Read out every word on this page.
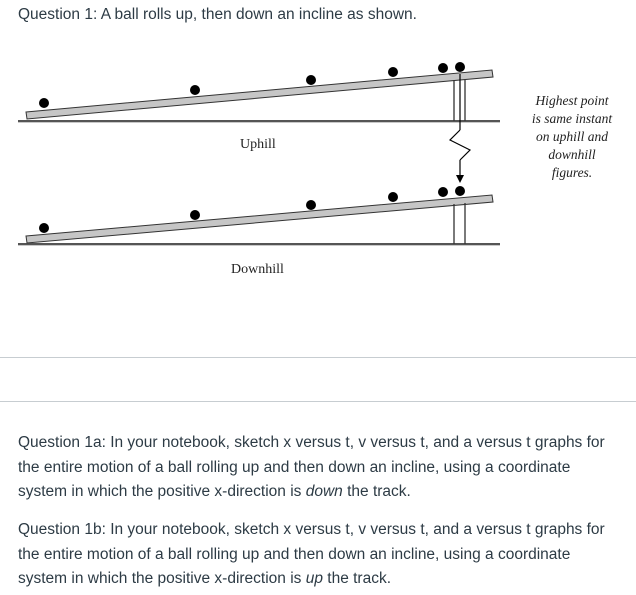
Question 1: A ball rolls up, then down an incline as shown.
Uphill
Downhill
Highest point
is same instant
on uphill and
downhill
figures.

Question 1a: In your notebook, sketch x versus t, v versus t, and a versus t graphs for the entire motion of a ball rolling up and then down an incline, using a coordinate system in which the positive x-direction is down the track.

Question 1b: In your notebook, sketch x versus t, v versus t, and a versus t graphs for the entire motion of a ball rolling up and then down an incline, using a coordinate system in which the positive x-direction is up the track.
